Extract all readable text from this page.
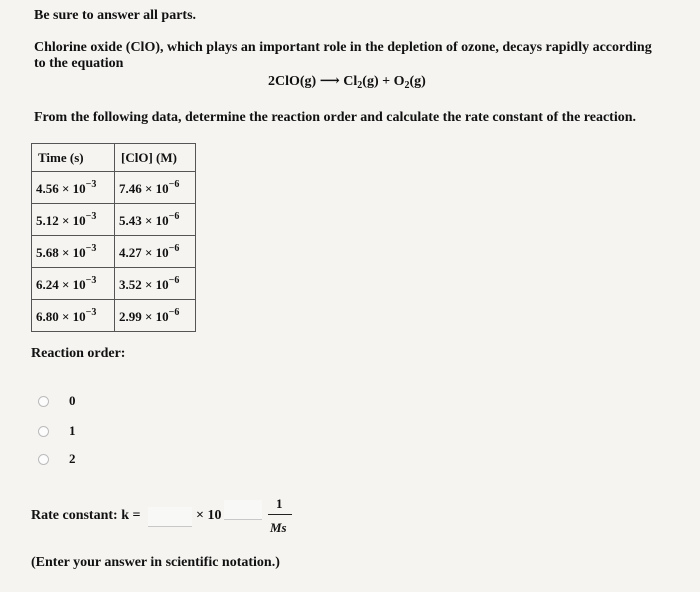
Be sure to answer all parts.
Chlorine oxide (ClO), which plays an important role in the depletion of ozone, decays rapidly according to the equation
2ClO(g) ⟶ $Cl_2(g) + O_2(g)$
From the following data, determine the reaction order and calculate the rate constant of the reaction.
Time (s)	[ClO] (M)
$4.56 \times 10^{-3}$	$7.46 \times 10^{-6}$
$5.12 \times 10^{-3}$	$5.43 \times 10^{-6}$
$5.68 \times 10^{-3}$	$4.27 \times 10^{-6}$
$6.24 \times 10^{-3}$	$3.52 \times 10^{-6}$
$6.80 \times 10^{-3}$	$2.99 \times 10^{-6}$
Reaction order:
0
1
2
Rate constant: k =	× 10
1
Ms
(Enter your answer in scientific notation.)
